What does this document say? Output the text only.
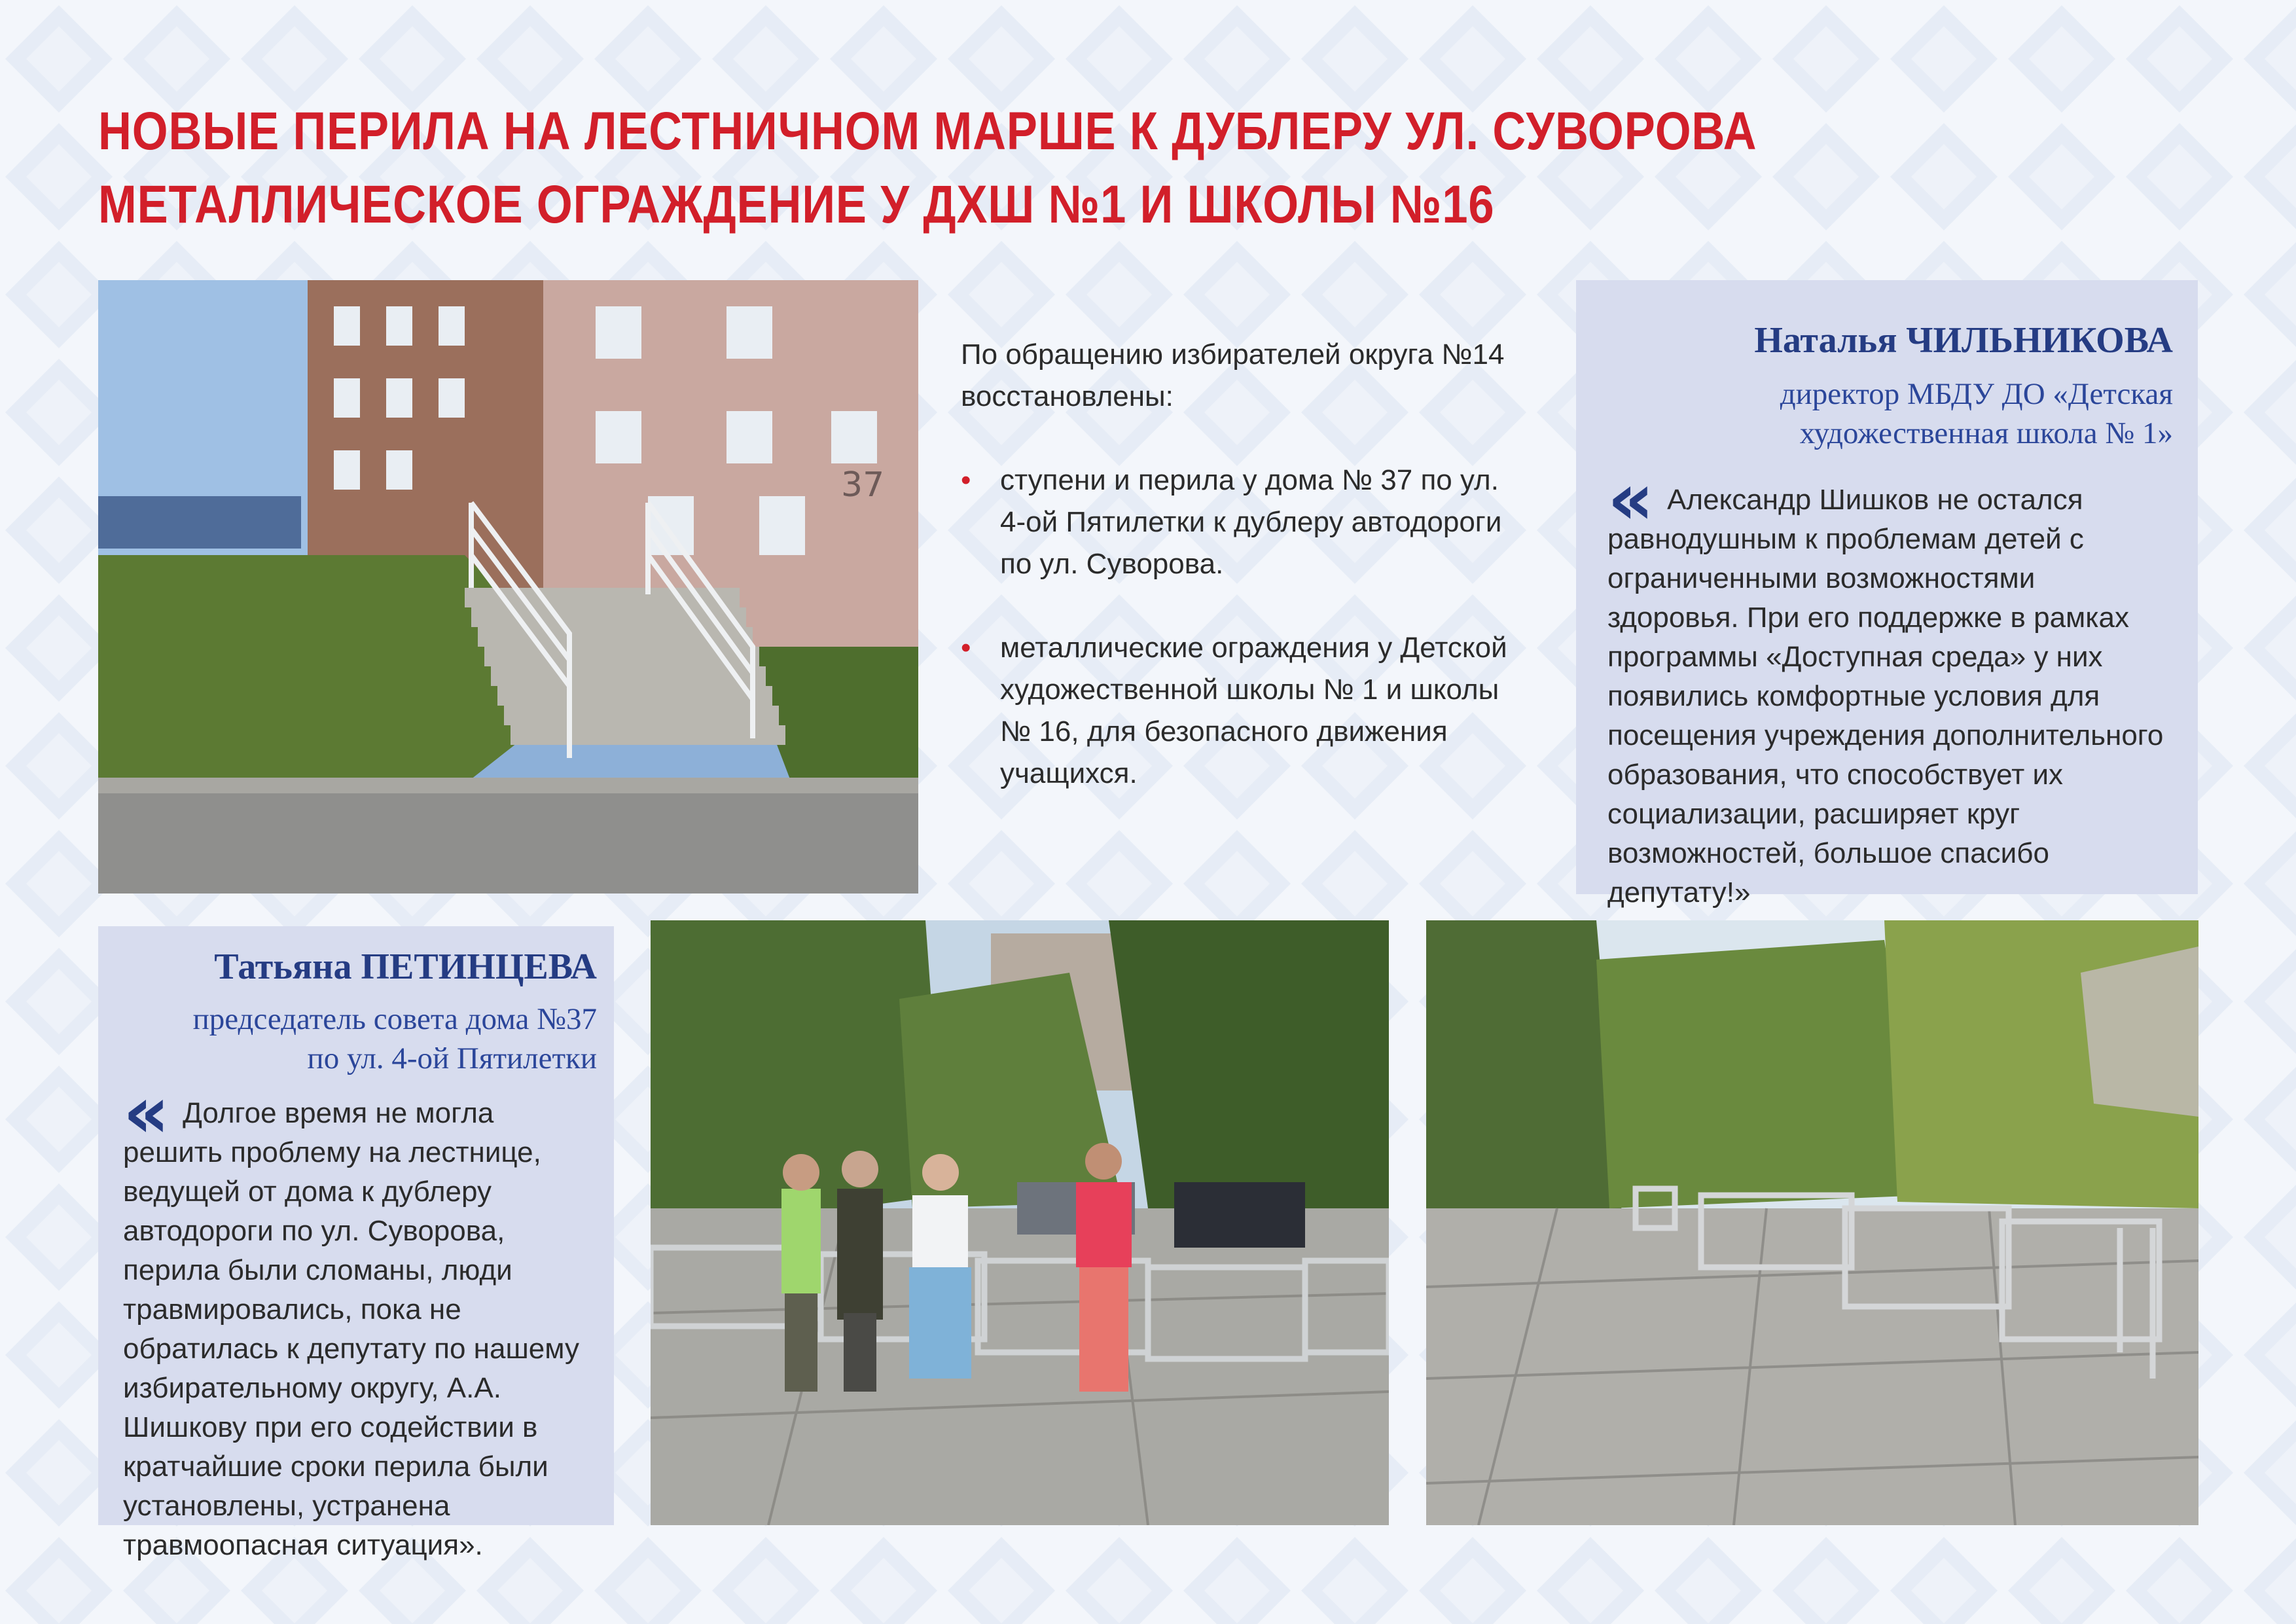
НОВЫЕ ПЕРИЛА НА ЛЕСТНИЧНОМ МАРШЕ К ДУБЛЕРУ УЛ. СУВОРОВА
МЕТАЛЛИЧЕСКОЕ ОГРАЖДЕНИЕ У ДХШ №1 И ШКОЛЫ №16
37

По обращению избирателей округа №14 восстановлены:

• ступени и перила у дома № 37 по ул. 4-ой Пятилетки к дублеру автодороги по ул. Суворова.
• металлические ограждения у Детской художественной школы № 1 и школы № 16, для безопасного движения учащихся.

Наталья ЧИЛЬНИКОВА

директор МБДУ ДО «Детская

художественная школа № 1»

« Александр Шишков не остался равнодушным к проблемам детей с ограниченными возможностями здоровья. При его поддержке в рамках программы «Доступная среда» у них появились комфортные условия для посещения учреждения дополнительного образования, что способствует их социализации, расширяет круг возможностей, большое спасибо депутату!»

Татьяна ПЕТИНЦЕВА

председатель совета дома №37

по ул. 4-ой Пятилетки

« Долгое время не могла решить проблему на лестнице, ведущей от дома к дублеру автодороги по ул. Суворова, перила были сломаны, люди травмировались, пока не обратилась к депутату по нашему избирательному округу, А.А. Шишкову при его содействии в кратчайшие сроки перила были установлены, устранена травмоопасная ситуация».
